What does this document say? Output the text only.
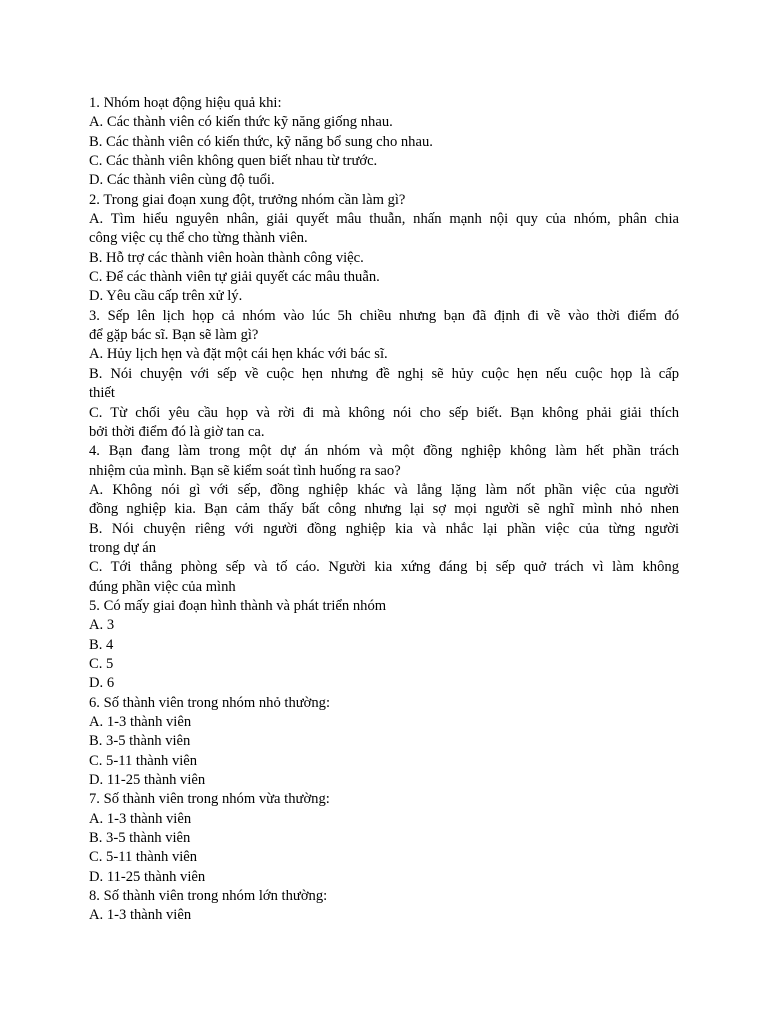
1. Nhóm hoạt động hiệu quả khi:
A. Các thành viên có kiến thức kỹ năng giống nhau.
B. Các thành viên có kiến thức, kỹ năng bổ sung cho nhau.
C. Các thành viên không quen biết nhau từ trước.
D. Các thành viên cùng độ tuổi.
2. Trong giai đoạn xung đột, trưởng nhóm cần làm gì?
A. Tìm hiểu nguyên nhân, giải quyết mâu thuẫn, nhấn mạnh nội quy của nhóm, phân chia
công việc cụ thể cho từng thành viên.
B. Hỗ trợ các thành viên hoàn thành công việc.
C. Để các thành viên tự giải quyết các mâu thuẫn.
D. Yêu cầu cấp trên xử lý.
3. Sếp lên lịch họp cả nhóm vào lúc 5h chiều nhưng bạn đã định đi về vào thời điểm đó
để gặp bác sĩ. Bạn sẽ làm gì?
A. Hủy lịch hẹn và đặt một cái hẹn khác với bác sĩ.
B. Nói chuyện với sếp về cuộc hẹn nhưng đề nghị sẽ hủy cuộc hẹn nếu cuộc họp là cấp
thiết
C. Từ chối yêu cầu họp và rời đi mà không nói cho sếp biết. Bạn không phải giải thích
bởi thời điểm đó là giờ tan ca.
4. Bạn đang làm trong một dự án nhóm và một đồng nghiệp không làm hết phần trách
nhiệm của mình. Bạn sẽ kiểm soát tình huống ra sao?
A. Không nói gì với sếp, đồng nghiệp khác và lẳng lặng làm nốt phần việc của người
đồng nghiệp kia. Bạn cảm thấy bất công nhưng lại sợ mọi người sẽ nghĩ mình nhỏ nhen
B. Nói chuyện riêng với người đồng nghiệp kia và nhắc lại phần việc của từng người
trong dự án
C. Tới thẳng phòng sếp và tố cáo. Người kia xứng đáng bị sếp quở trách vì làm không
đúng phần việc của mình
5. Có mấy giai đoạn hình thành và phát triển nhóm
A. 3
B. 4
C. 5
D. 6
6. Số thành viên trong nhóm nhỏ thường:
A. 1-3 thành viên
B. 3-5 thành viên
C. 5-11 thành viên
D. 11-25 thành viên
7. Số thành viên trong nhóm vừa thường:
A. 1-3 thành viên
B. 3-5 thành viên
C. 5-11 thành viên
D. 11-25 thành viên
8. Số thành viên trong nhóm lớn thường:
A. 1-3 thành viên
